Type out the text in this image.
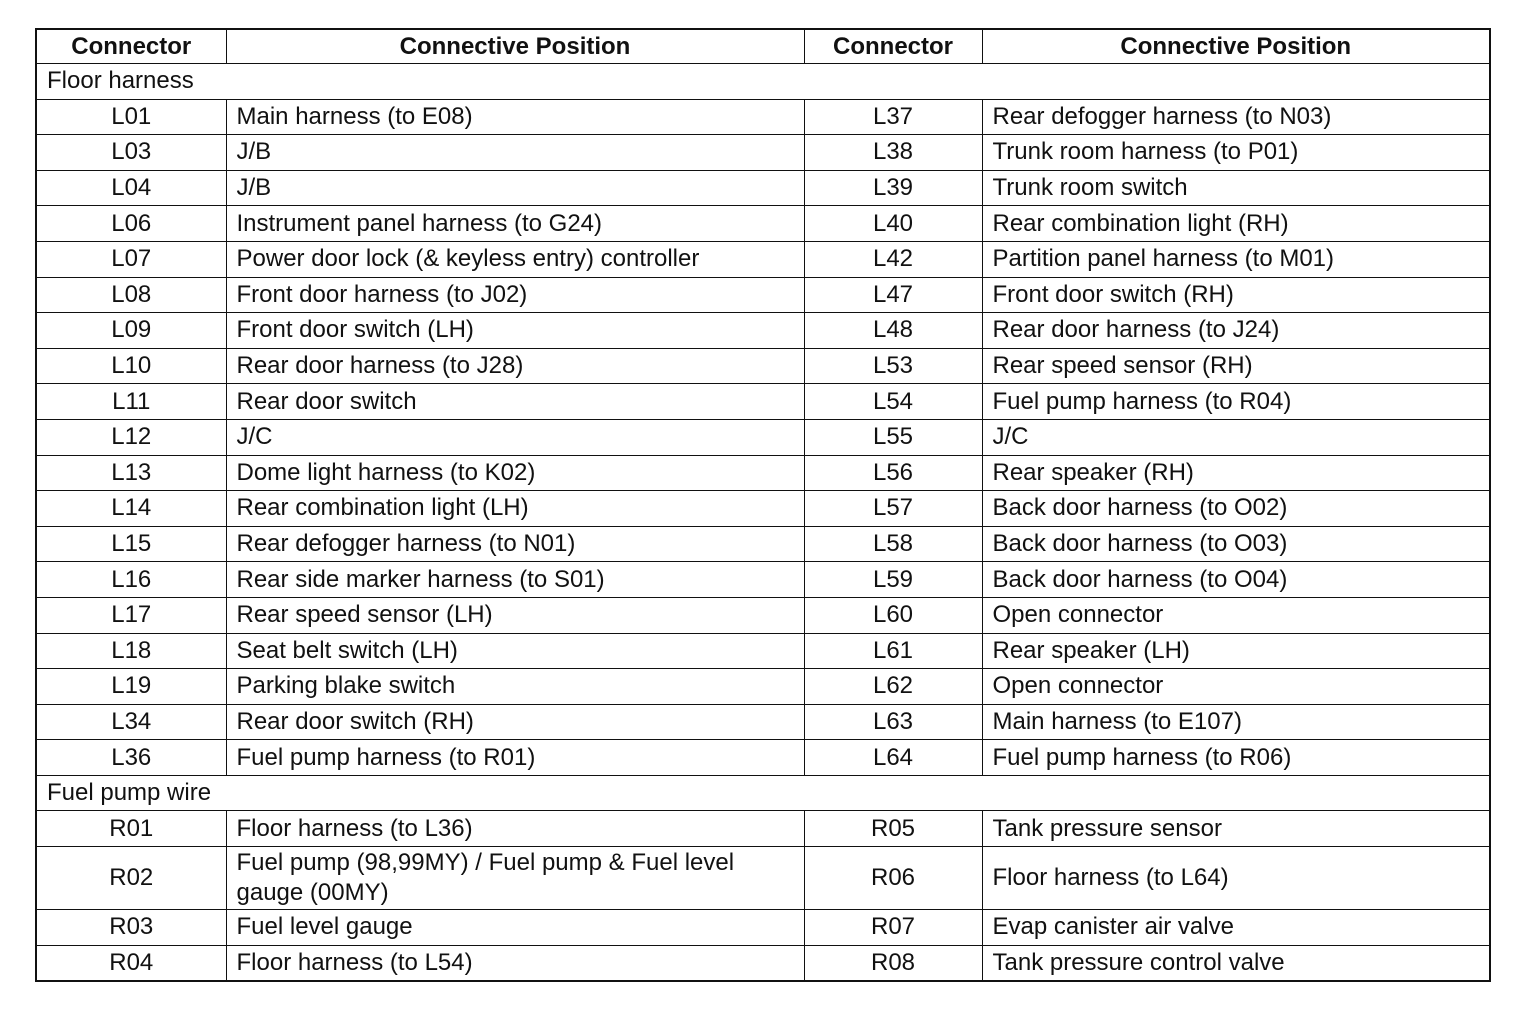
Connector	Connective Position	Connector	Connective Position
Floor harness			
L01	Main harness (to E08)	L37	Rear defogger harness (to N03)
L03	J/B	L38	Trunk room harness (to P01)
L04	J/B	L39	Trunk room switch
L06	Instrument panel harness (to G24)	L40	Rear combination light (RH)
L07	Power door lock (& keyless entry) controller	L42	Partition panel harness (to M01)
L08	Front door harness (to J02)	L47	Front door switch (RH)
L09	Front door switch (LH)	L48	Rear door harness (to J24)
L10	Rear door harness (to J28)	L53	Rear speed sensor (RH)
L11	Rear door switch	L54	Fuel pump harness (to R04)
L12	J/C	L55	J/C
L13	Dome light harness (to K02)	L56	Rear speaker (RH)
L14	Rear combination light (LH)	L57	Back door harness (to O02)
L15	Rear defogger harness (to N01)	L58	Back door harness (to O03)
L16	Rear side marker harness (to S01)	L59	Back door harness (to O04)
L17	Rear speed sensor (LH)	L60	Open connector
L18	Seat belt switch (LH)	L61	Rear speaker (LH)
L19	Parking blake switch	L62	Open connector
L34	Rear door switch (RH)	L63	Main harness (to E107)
L36	Fuel pump harness (to R01)	L64	Fuel pump harness (to R06)
Fuel pump wire			
R01	Floor harness (to L36)	R05	Tank pressure sensor
R02	Fuel pump (98,99MY) / Fuel pump & Fuel level gauge (00MY)	R06	Floor harness (to L64)
R03	Fuel level gauge	R07	Evap canister air valve
R04	Floor harness (to L54)	R08	Tank pressure control valve
